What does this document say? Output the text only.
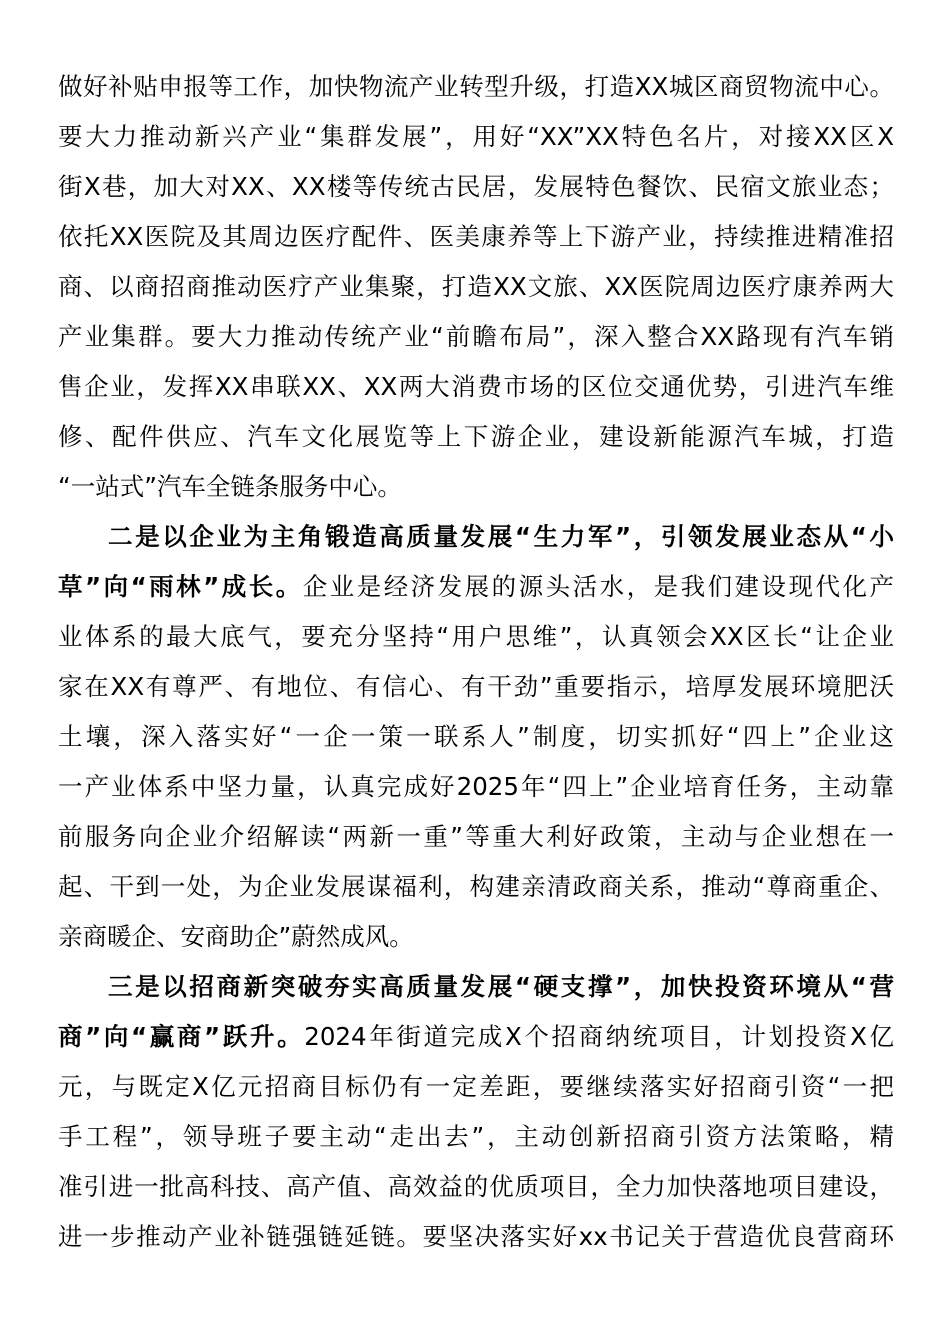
做好补贴申报等工作，加快物流产业转型升级，打造XX城区商贸物流中心。
要大力推动新兴产业“集群发展”，用好“XX”XX特色名片，对接XX区X
街X巷，加大对XX、XX楼等传统古民居，发展特色餐饮、民宿文旅业态；
依托XX医院及其周边医疗配件、医美康养等上下游产业，持续推进精准招
商、以商招商推动医疗产业集聚，打造XX文旅、XX医院周边医疗康养两大
产业集群。要大力推动传统产业“前瞻布局”，深入整合XX路现有汽车销
售企业，发挥XX串联XX、XX两大消费市场的区位交通优势，引进汽车维
修、配件供应、汽车文化展览等上下游企业，建设新能源汽车城，打造
“一站式”汽车全链条服务中心。
二是以企业为主角锻造高质量发展“生力军”，引领发展业态从“小
草”向“雨林”成长。企业是经济发展的源头活水，是我们建设现代化产
业体系的最大底气，要充分坚持“用户思维”，认真领会XX区长“让企业
家在XX有尊严、有地位、有信心、有干劲”重要指示，培厚发展环境肥沃
土壤，深入落实好“一企一策一联系人”制度，切实抓好“四上”企业这
一产业体系中坚力量，认真完成好2025年“四上”企业培育任务，主动靠
前服务向企业介绍解读“两新一重”等重大利好政策，主动与企业想在一
起、干到一处，为企业发展谋福利，构建亲清政商关系，推动“尊商重企、
亲商暖企、安商助企”蔚然成风。
三是以招商新突破夯实高质量发展“硬支撑”，加快投资环境从“营
商”向“赢商”跃升。2024年街道完成X个招商纳统项目，计划投资X亿
元，与既定X亿元招商目标仍有一定差距，要继续落实好招商引资“一把
手工程”，领导班子要主动“走出去”，主动创新招商引资方法策略，精
准引进一批高科技、高产值、高效益的优质项目，全力加快落地项目建设，
进一步推动产业补链强链延链。要坚决落实好xx书记关于营造优良营商环
